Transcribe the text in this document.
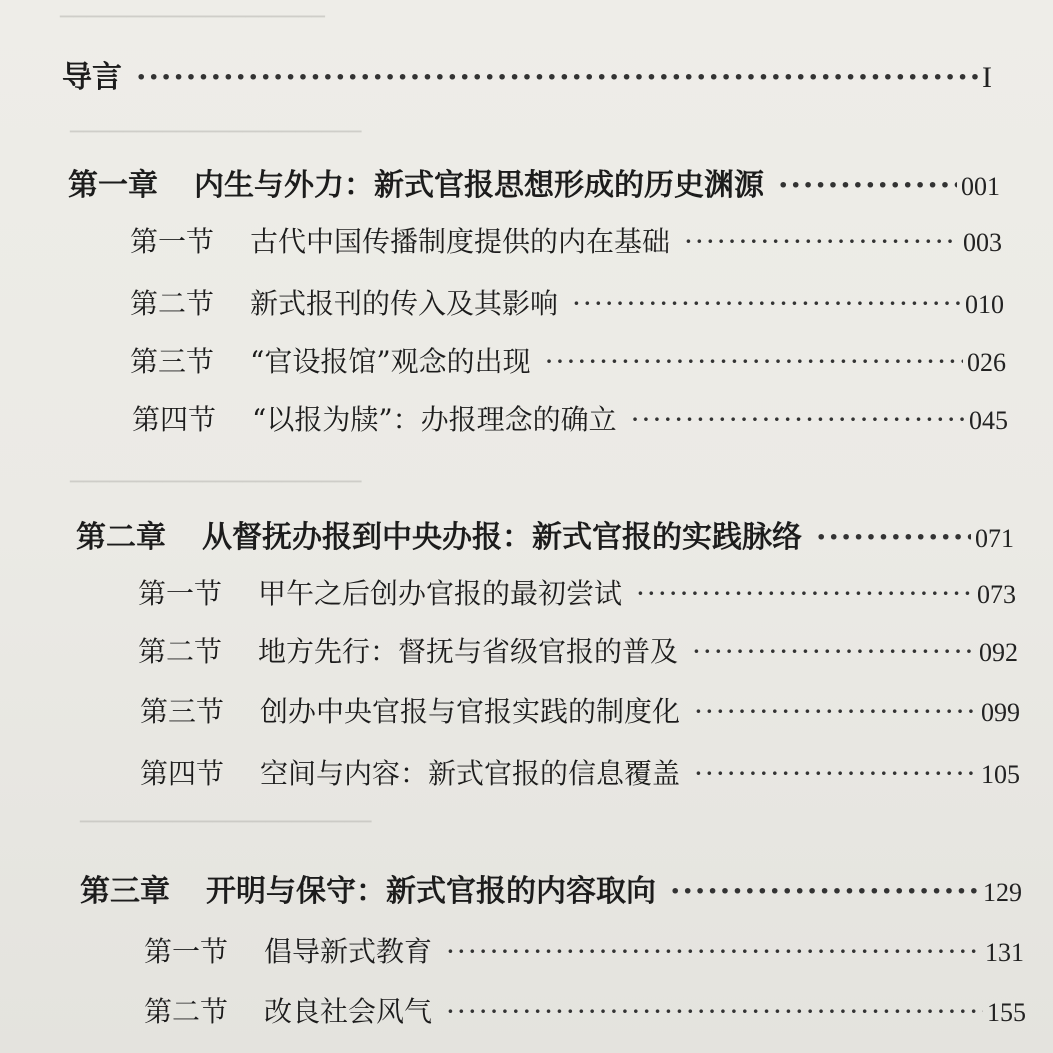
────────────────────
──────────────────────
──────────────────────
──────────────────────
导言 ·····	I
第一章 内生与外力：新式官报思想形成的历史渊源 ·····	001
第一节 古代中国传播制度提供的内在基础 ·····	003
第二节 新式报刊的传入及其影响 ·····	010
第三节 “官设报馆”观念的出现 ·····	026
第四节 “以报为牍”：办报理念的确立 ·····	045
第二章 从督抚办报到中央办报：新式官报的实践脉络 ·····	071
第一节 甲午之后创办官报的最初尝试 ·····	073
第二节 地方先行：督抚与省级官报的普及 ·····	092
第三节 创办中央官报与官报实践的制度化 ·····	099
第四节 空间与内容：新式官报的信息覆盖 ·····	105
第三章 开明与保守：新式官报的内容取向 ·····	129
第一节 倡导新式教育 ·····	131
第二节 改良社会风气 ·····	155
